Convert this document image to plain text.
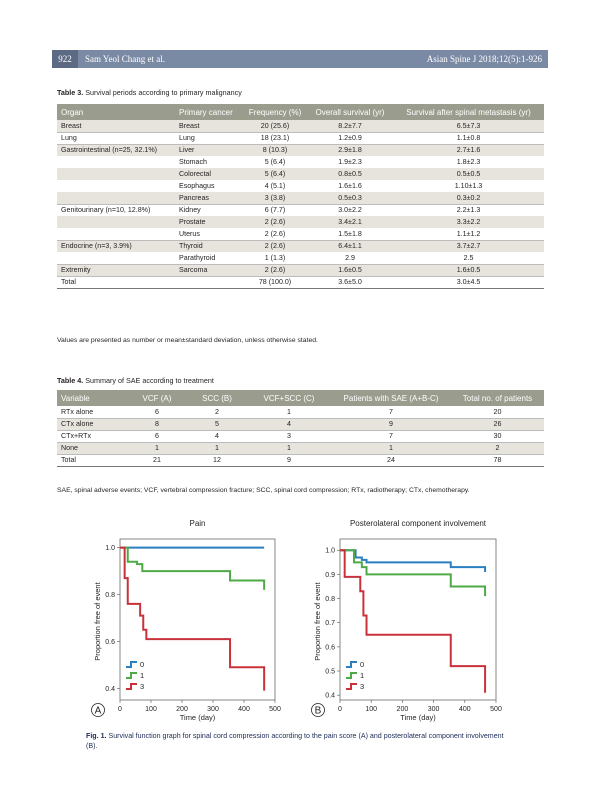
922	Sam Yeol Chang et al.	Asian Spine J 2018;12(5):1-926
Table 3. Survival periods according to primary malignancy
Organ	Primary cancer	Frequency (%)	Overall survival (yr)	Survival after spinal metastasis (yr)
Breast	Breast	20 (25.6)	8.2±7.7	6.5±7.3
Lung	Lung	18 (23.1)	1.2±0.9	1.1±0.8
Gastrointestinal (n=25, 32.1%)	Liver	8 (10.3)	2.9±1.8	2.7±1.6
	Stomach	5 (6.4)	1.9±2.3	1.8±2.3
	Colorectal	5 (6.4)	0.8±0.5	0.5±0.5
	Esophagus	4 (5.1)	1.6±1.6	1.10±1.3
	Pancreas	3 (3.8)	0.5±0.3	0.3±0.2
Genitourinary (n=10, 12.8%)	Kidney	6 (7.7)	3.0±2.2	2.2±1.3
	Prostate	2 (2.6)	3.4±2.1	3.3±2.2
	Uterus	2 (2.6)	1.5±1.8	1.1±1.2
Endocrine (n=3, 3.9%)	Thyroid	2 (2.6)	6.4±1.1	3.7±2.7
	Parathyroid	1 (1.3)	2.9	2.5
Extremity	Sarcoma	2 (2.6)	1.6±0.5	1.6±0.5
Total		78 (100.0)	3.6±5.0	3.0±4.5
Values are presented as number or mean±standard deviation, unless otherwise stated.
Table 4. Summary of SAE according to treatment
Variable	VCF (A)	SCC (B)	VCF+SCC (C)	Patients with SAE (A+B-C)	Total no. of patients
RTx alone	6	2	1	7	20
CTx alone	8	5	4	9	26
CTx+RTx	6	4	3	7	30
None	1	1	1	1	2
Total	21	12	9	24	78
SAE, spinal adverse events; VCF, vertebral compression fracture; SCC, spinal cord compression; RTx, radiotherapy; CTx, chemotherapy.
Pain
0	100	200	300	400	500
0.4
0.6
0.8
1.0
Time (day)
Proportion free of event
0
1
3
A
Posterolateral component involvement
0	100	200	300	400	500
0.4
0.5
0.6
0.7
0.8
0.9
1.0
Time (day)
Proportion free of event
0
1
3
B
Fig. 1. Survival function graph for spinal cord compression according to the pain score (A) and posterolateral component involvement (B).
